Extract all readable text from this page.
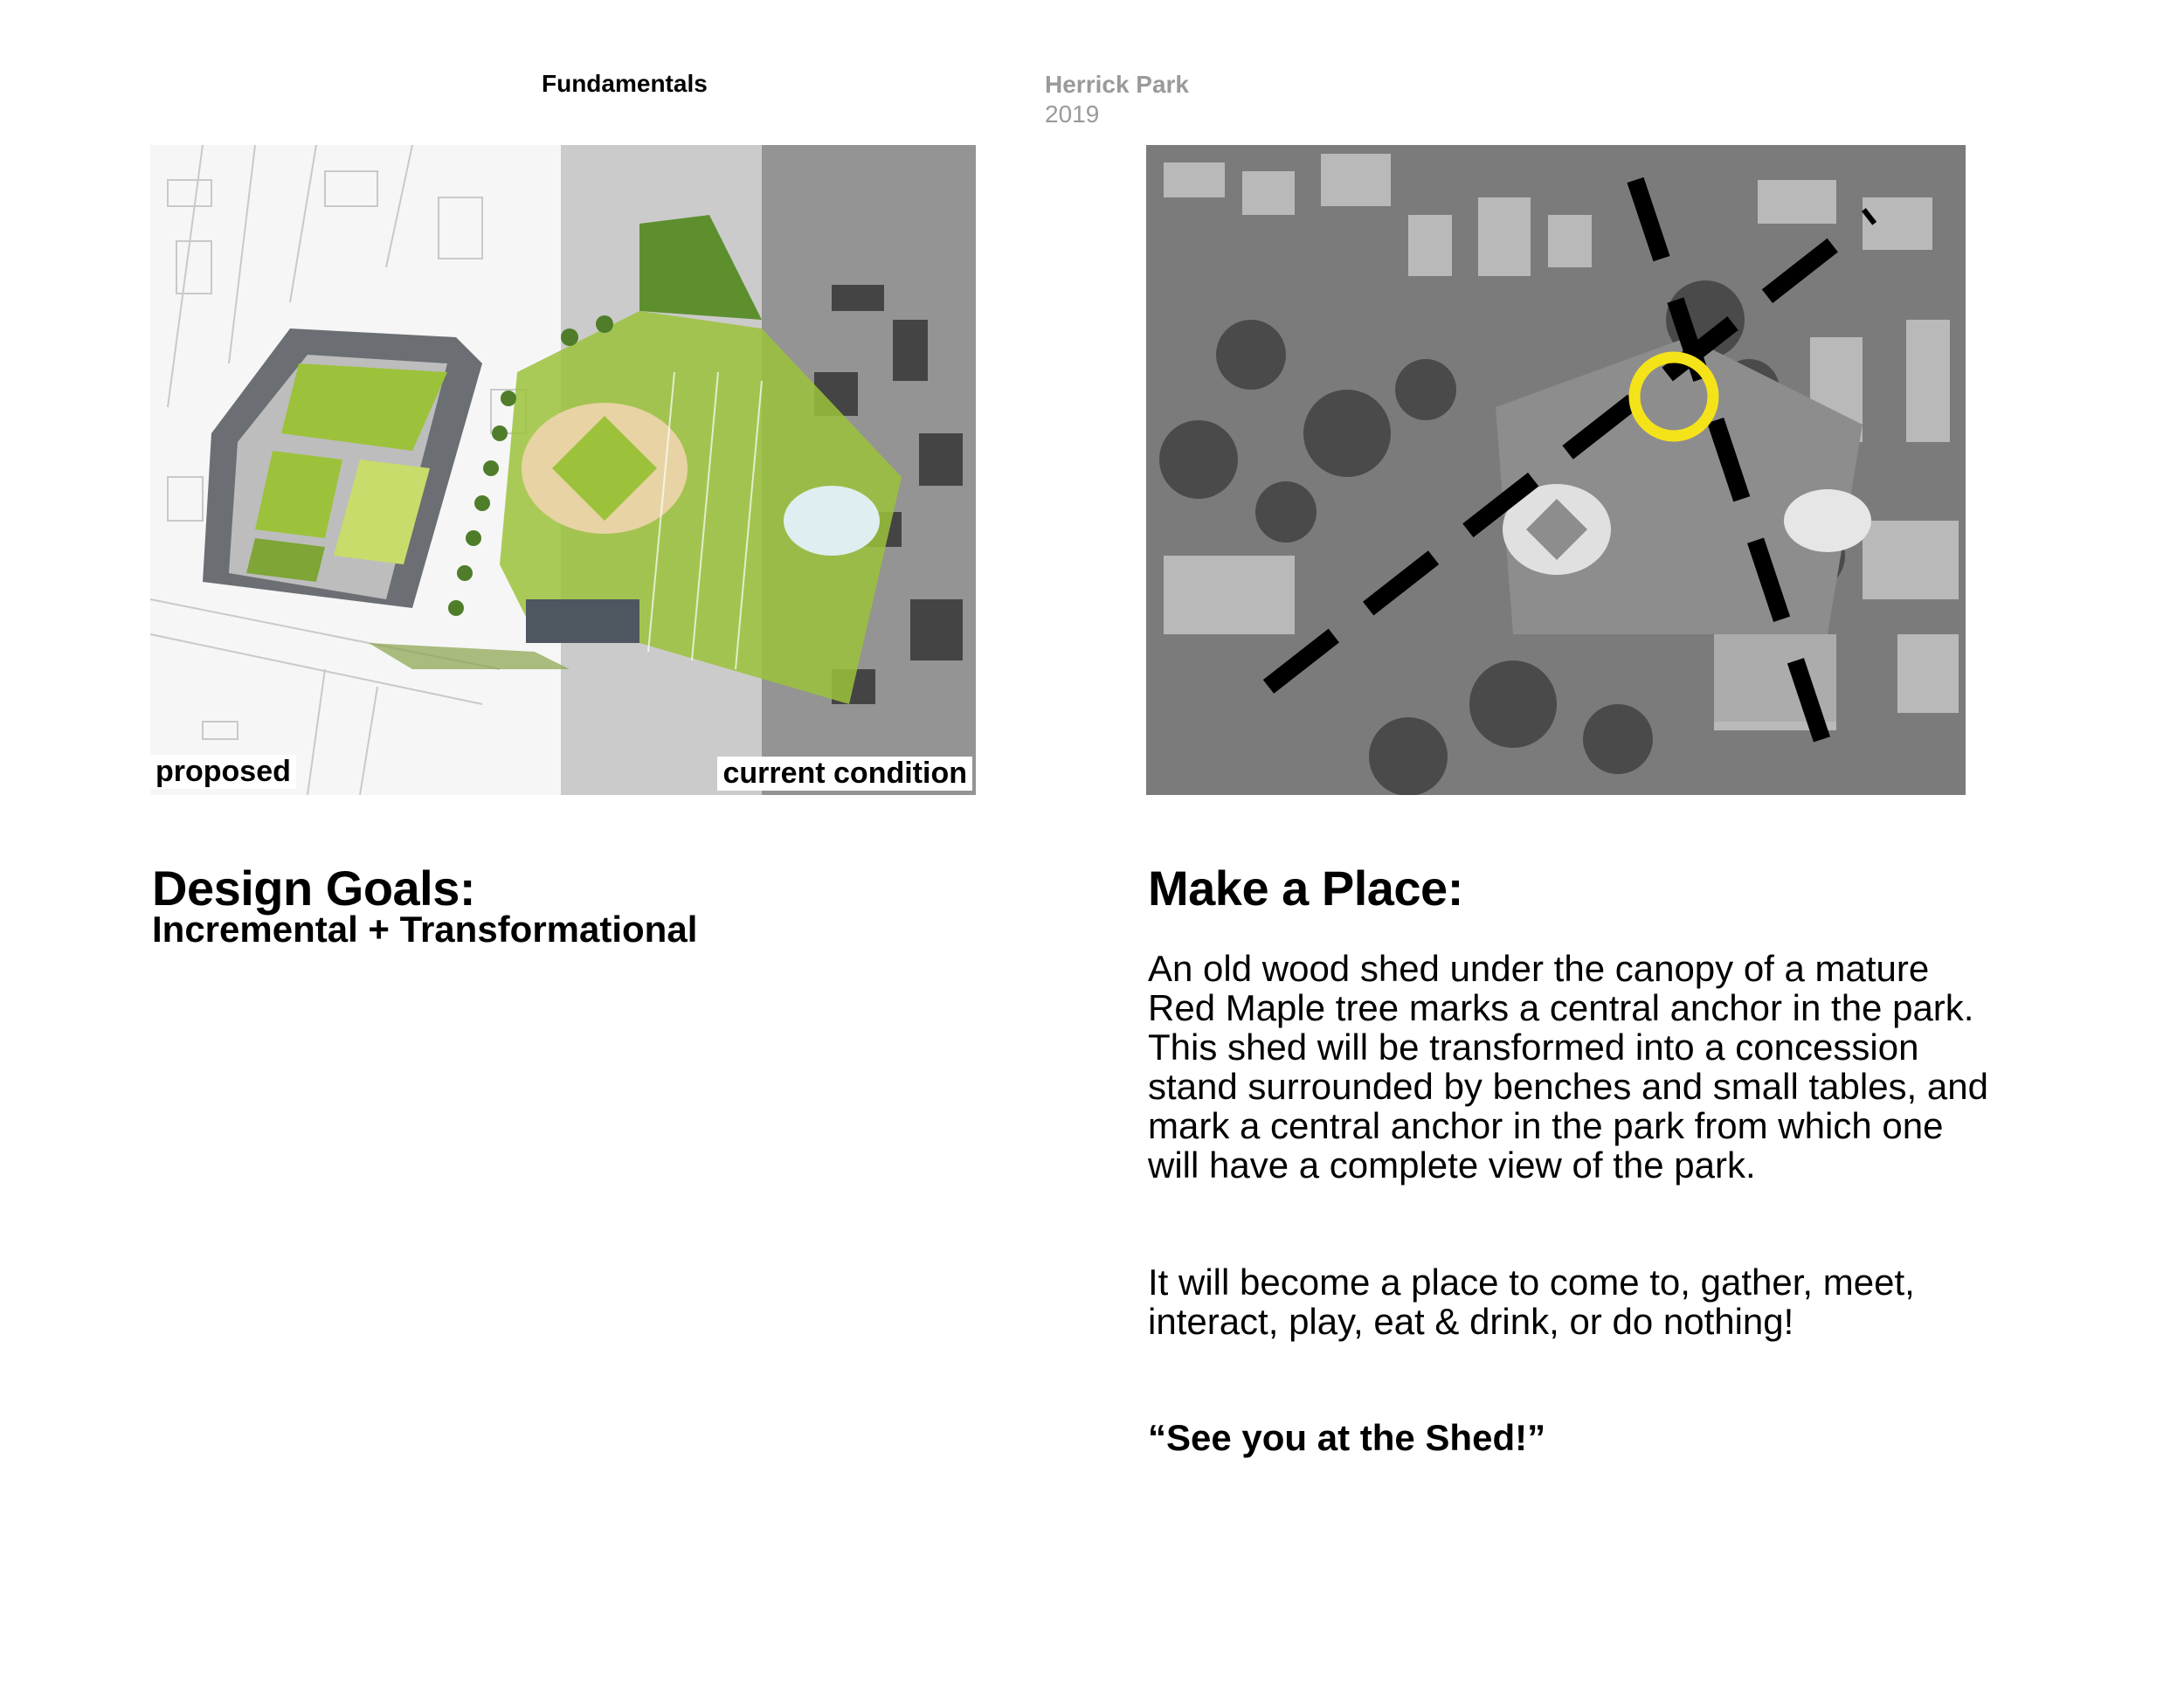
Fundamentals	Herrick Park
2019
proposed	current condition
Design Goals:
Incremental + Transformational
Make a Place:
An old wood shed under the canopy of a mature Red Maple tree marks a central anchor in the park. This shed will be transformed into a concession stand surrounded by benches and small tables, and mark a central anchor in the park from which one will have a complete view of the park.
It will become a place to come to, gather, meet, interact, play, eat & drink, or do nothing!
“See you at the Shed!”
